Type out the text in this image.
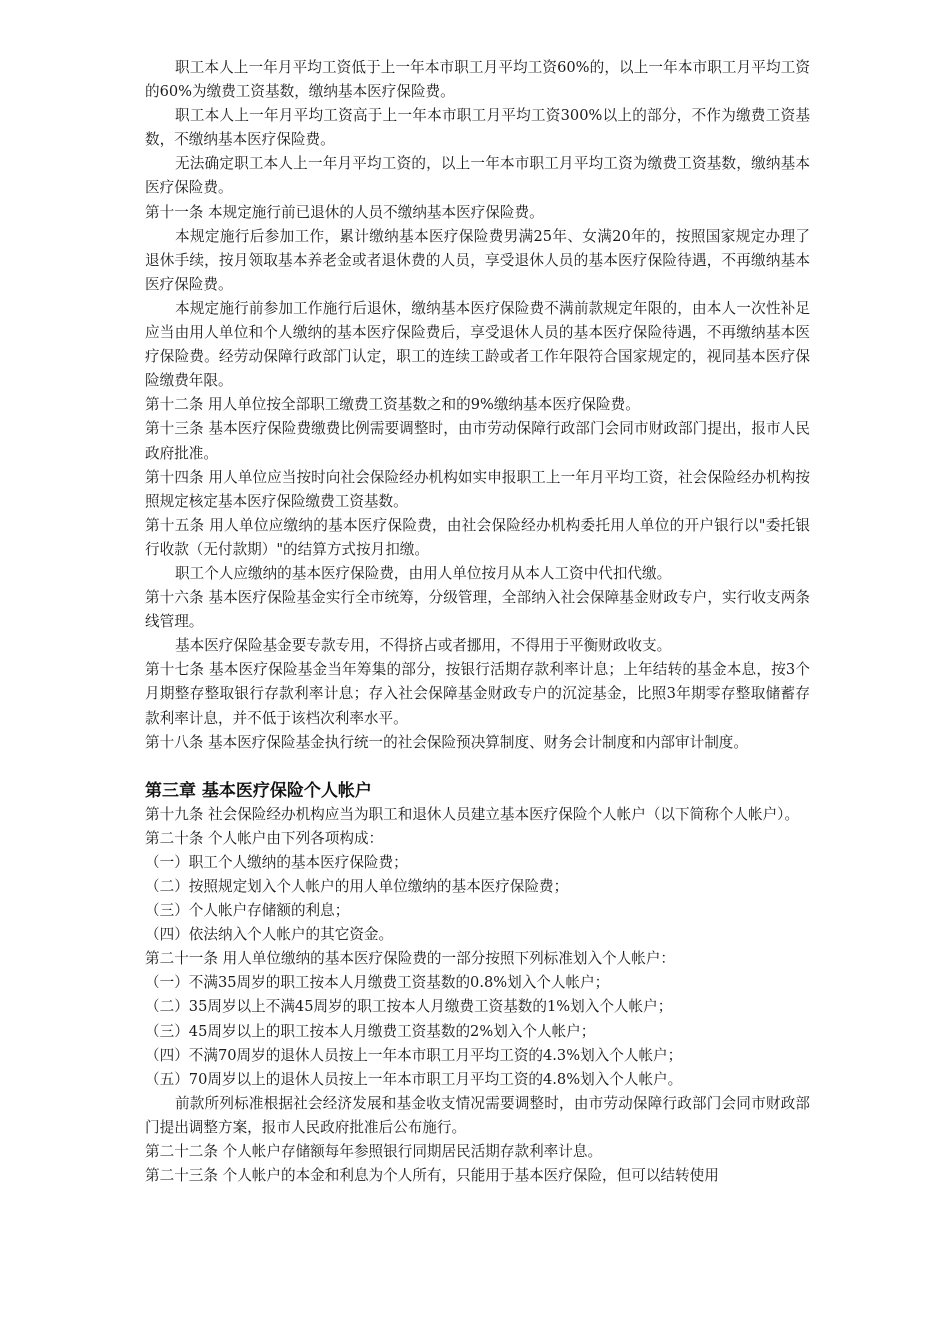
职工本人上一年月平均工资低于上一年本市职工月平均工资60%的，以上一年本市职工月平均工资的60%为缴费工资基数，缴纳基本医疗保险费。

职工本人上一年月平均工资高于上一年本市职工月平均工资300%以上的部分，不作为缴费工资基数，不缴纳基本医疗保险费。

无法确定职工本人上一年月平均工资的，以上一年本市职工月平均工资为缴费工资基数，缴纳基本医疗保险费。

第十一条 本规定施行前已退休的人员不缴纳基本医疗保险费。

本规定施行后参加工作，累计缴纳基本医疗保险费男满25年、女满20年的，按照国家规定办理了退休手续，按月领取基本养老金或者退休费的人员，享受退休人员的基本医疗保险待遇，不再缴纳基本医疗保险费。

本规定施行前参加工作施行后退休，缴纳基本医疗保险费不满前款规定年限的，由本人一次性补足应当由用人单位和个人缴纳的基本医疗保险费后，享受退休人员的基本医疗保险待遇，不再缴纳基本医疗保险费。经劳动保障行政部门认定，职工的连续工龄或者工作年限符合国家规定的，视同基本医疗保险缴费年限。

第十二条 用人单位按全部职工缴费工资基数之和的9%缴纳基本医疗保险费。

第十三条 基本医疗保险费缴费比例需要调整时，由市劳动保障行政部门会同市财政部门提出，报市人民政府批准。

第十四条 用人单位应当按时向社会保险经办机构如实申报职工上一年月平均工资，社会保险经办机构按照规定核定基本医疗保险缴费工资基数。

第十五条 用人单位应缴纳的基本医疗保险费，由社会保险经办机构委托用人单位的开户银行以"委托银行收款（无付款期）"的结算方式按月扣缴。

职工个人应缴纳的基本医疗保险费，由用人单位按月从本人工资中代扣代缴。

第十六条 基本医疗保险基金实行全市统筹，分级管理，全部纳入社会保障基金财政专户，实行收支两条线管理。

基本医疗保险基金要专款专用，不得挤占或者挪用，不得用于平衡财政收支。

第十七条 基本医疗保险基金当年筹集的部分，按银行活期存款利率计息；上年结转的基金本息，按3个月期整存整取银行存款利率计息；存入社会保障基金财政专户的沉淀基金，比照3年期零存整取储蓄存款利率计息，并不低于该档次利率水平。

第十八条 基本医疗保险基金执行统一的社会保险预决算制度、财务会计制度和内部审计制度。

第三章 基本医疗保险个人帐户

第十九条 社会保险经办机构应当为职工和退休人员建立基本医疗保险个人帐户（以下简称个人帐户）。

第二十条 个人帐户由下列各项构成：

（一）职工个人缴纳的基本医疗保险费；

（二）按照规定划入个人帐户的用人单位缴纳的基本医疗保险费；

（三）个人帐户存储额的利息；

（四）依法纳入个人帐户的其它资金。

第二十一条 用人单位缴纳的基本医疗保险费的一部分按照下列标准划入个人帐户：

（一）不满35周岁的职工按本人月缴费工资基数的0.8%划入个人帐户；

（二）35周岁以上不满45周岁的职工按本人月缴费工资基数的1%划入个人帐户；

（三）45周岁以上的职工按本人月缴费工资基数的2%划入个人帐户；

（四）不满70周岁的退休人员按上一年本市职工月平均工资的4.3%划入个人帐户；

（五）70周岁以上的退休人员按上一年本市职工月平均工资的4.8%划入个人帐户。

前款所列标准根据社会经济发展和基金收支情况需要调整时，由市劳动保障行政部门会同市财政部门提出调整方案，报市人民政府批准后公布施行。

第二十二条 个人帐户存储额每年参照银行同期居民活期存款利率计息。

第二十三条 个人帐户的本金和利息为个人所有，只能用于基本医疗保险，但可以结转使用
